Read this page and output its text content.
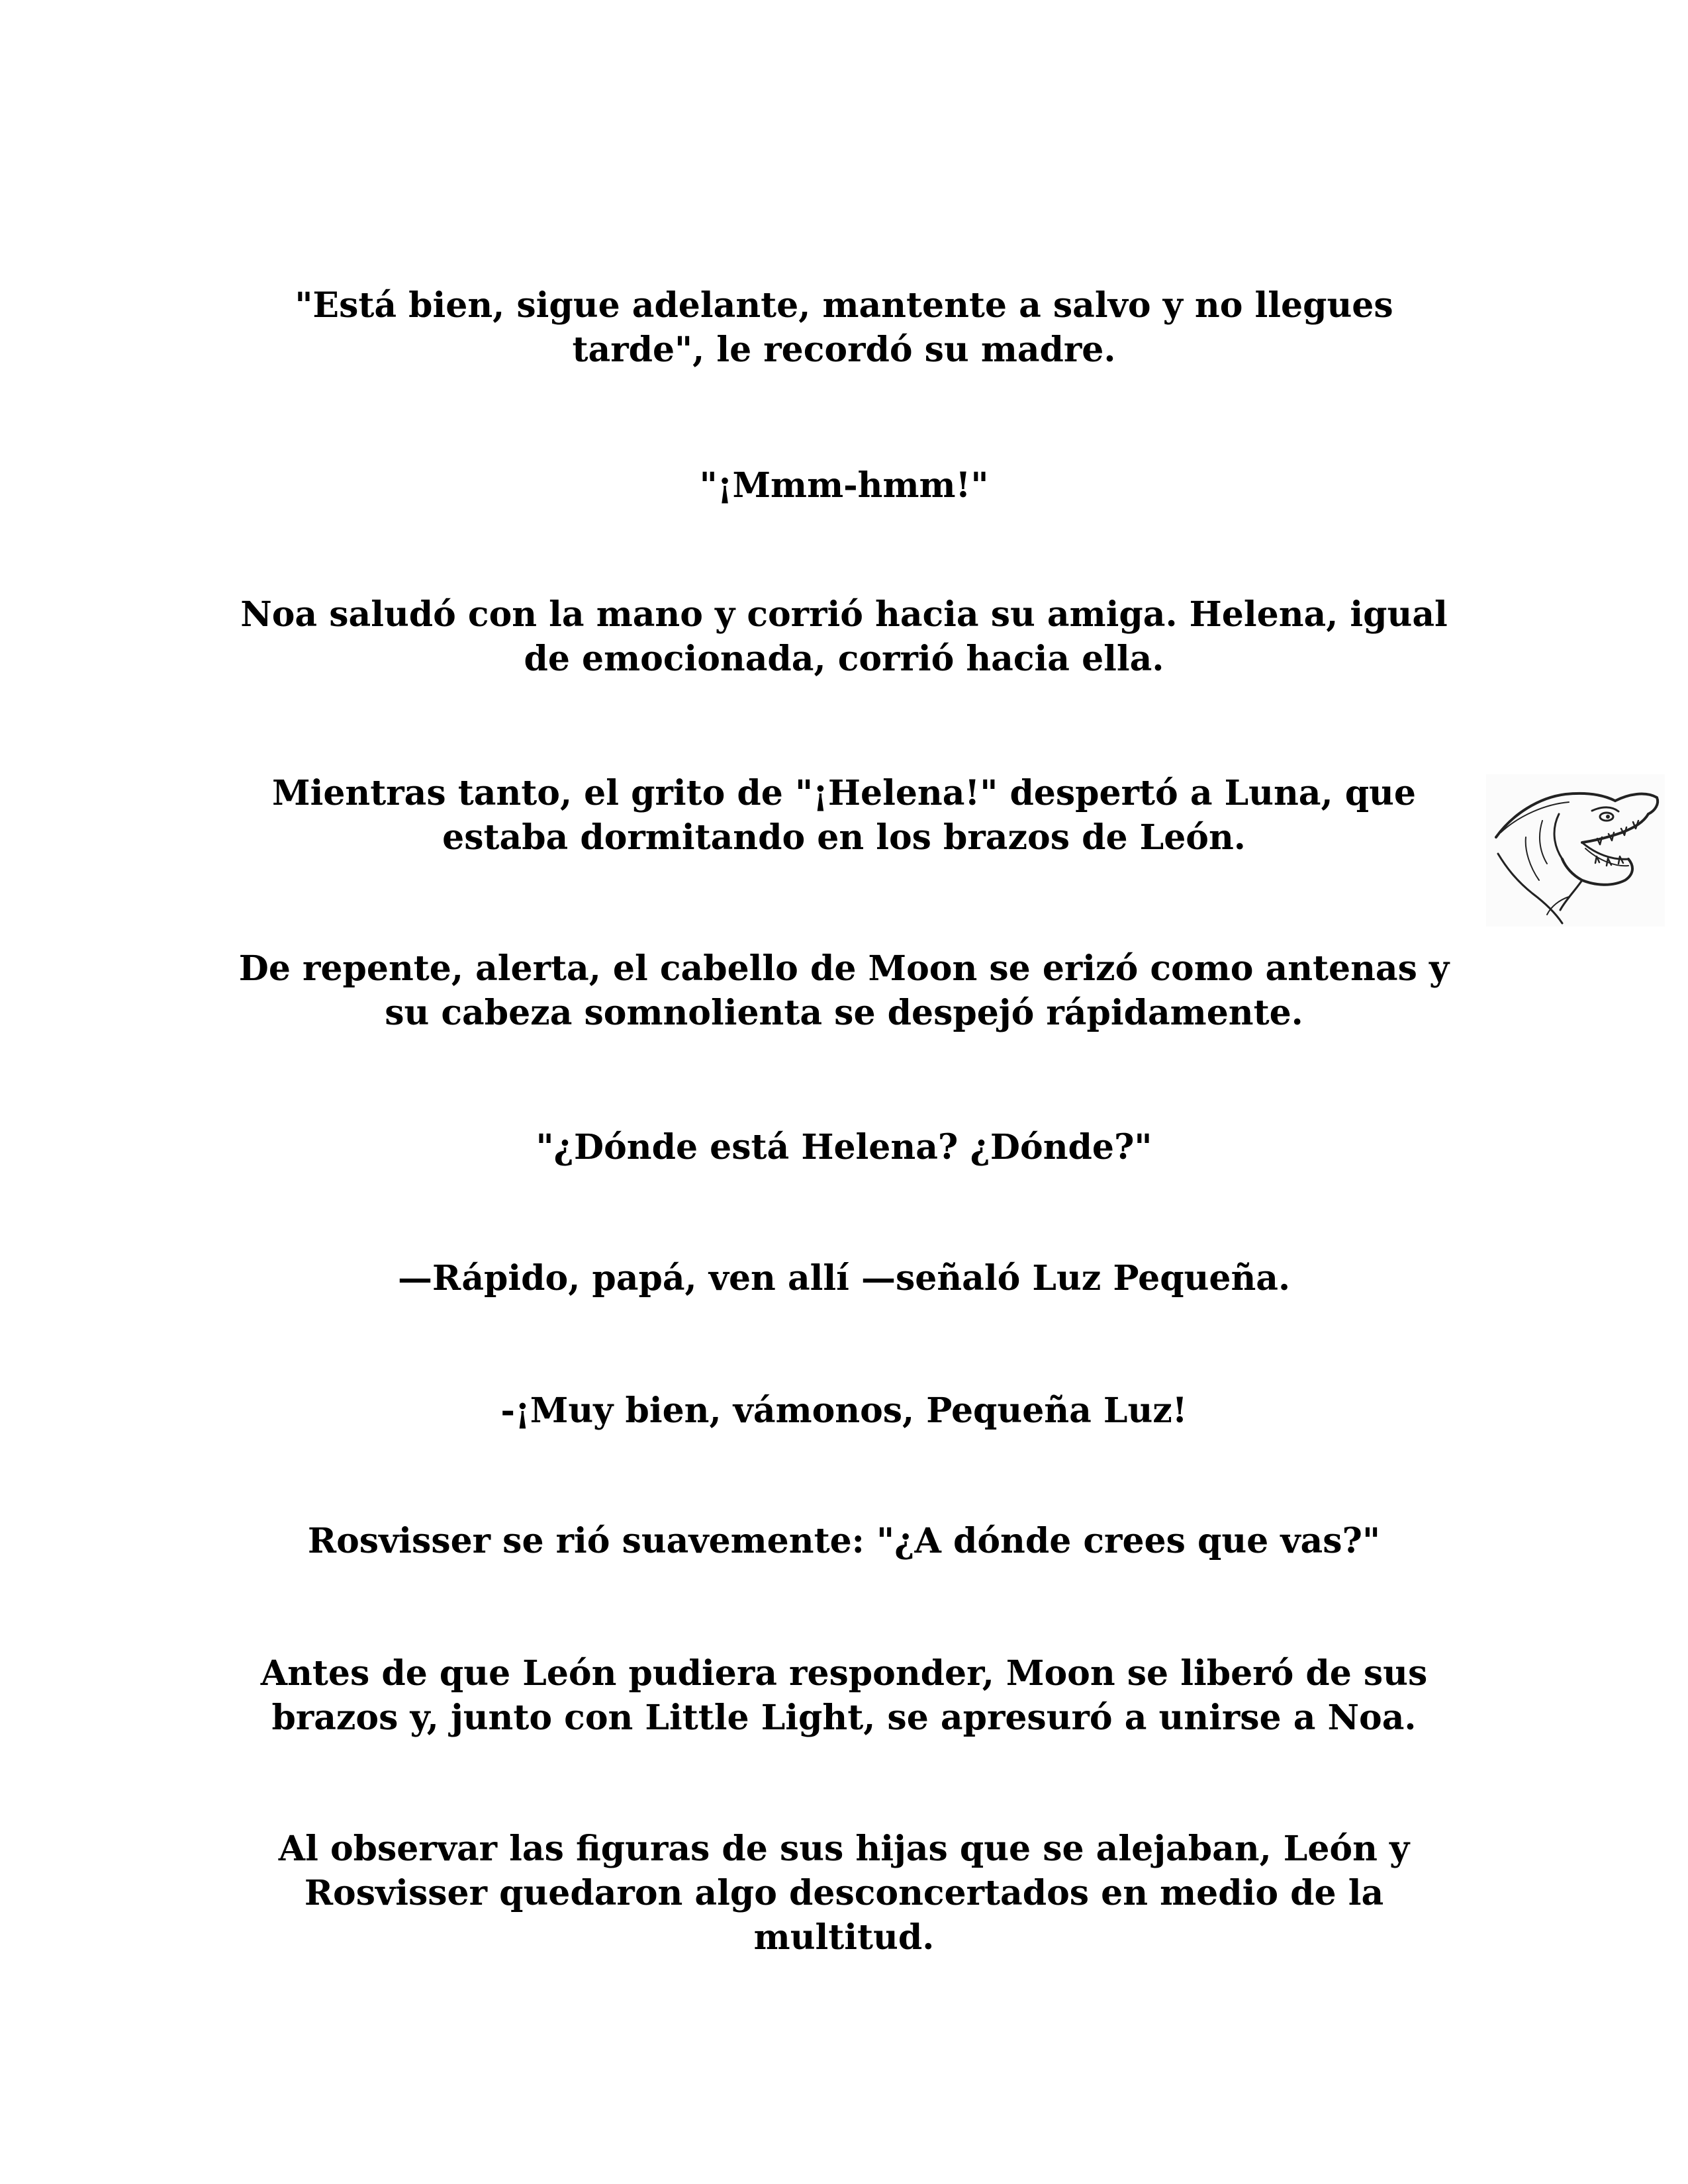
"Está bien, sigue adelante, mantente a salvo y no llegues
tarde", le recordó su madre.
"¡Mmm-hmm!"
Noa saludó con la mano y corrió hacia su amiga. Helena, igual
de emocionada, corrió hacia ella.
Mientras tanto, el grito de "¡Helena!" despertó a Luna, que
estaba dormitando en los brazos de León.
De repente, alerta, el cabello de Moon se erizó como antenas y
su cabeza somnolienta se despejó rápidamente.
"¿Dónde está Helena? ¿Dónde?"
—Rápido, papá, ven allí —señaló Luz Pequeña.
-¡Muy bien, vámonos, Pequeña Luz!
Rosvisser se rió suavemente: "¿A dónde crees que vas?"
Antes de que León pudiera responder, Moon se liberó de sus
brazos y, junto con Little Light, se apresuró a unirse a Noa.
Al observar las figuras de sus hijas que se alejaban, León y
Rosvisser quedaron algo desconcertados en medio de la
multitud.
